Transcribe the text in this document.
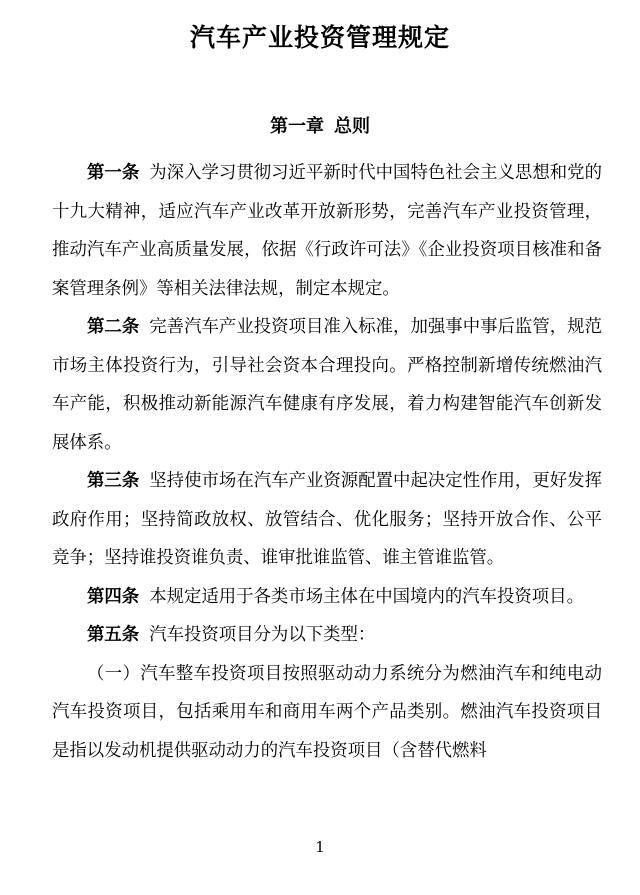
汽车产业投资管理规定
第一章 总则

第一条 为深入学习贯彻习近平新时代中国特色社会主义思想和党的十九大精神，适应汽车产业改革开放新形势，完善汽车产业投资管理，推动汽车产业高质量发展，依据《行政许可法》《企业投资项目核准和备案管理条例》等相关法律法规，制定本规定。

第二条 完善汽车产业投资项目准入标准，加强事中事后监管，规范市场主体投资行为，引导社会资本合理投向。严格控制新增传统燃油汽车产能，积极推动新能源汽车健康有序发展，着力构建智能汽车创新发展体系。

第三条 坚持使市场在汽车产业资源配置中起决定性作用，更好发挥政府作用；坚持简政放权、放管结合、优化服务；坚持开放合作、公平竞争；坚持谁投资谁负责、谁审批谁监管、谁主管谁监管。

第四条 本规定适用于各类市场主体在中国境内的汽车投资项目。

第五条 汽车投资项目分为以下类型：

（一）汽车整车投资项目按照驱动动力系统分为燃油汽车和纯电动汽车投资项目，包括乘用车和商用车两个产品类别。燃油汽车投资项目是指以发动机提供驱动动力的汽车投资项目（含替代燃料

1
